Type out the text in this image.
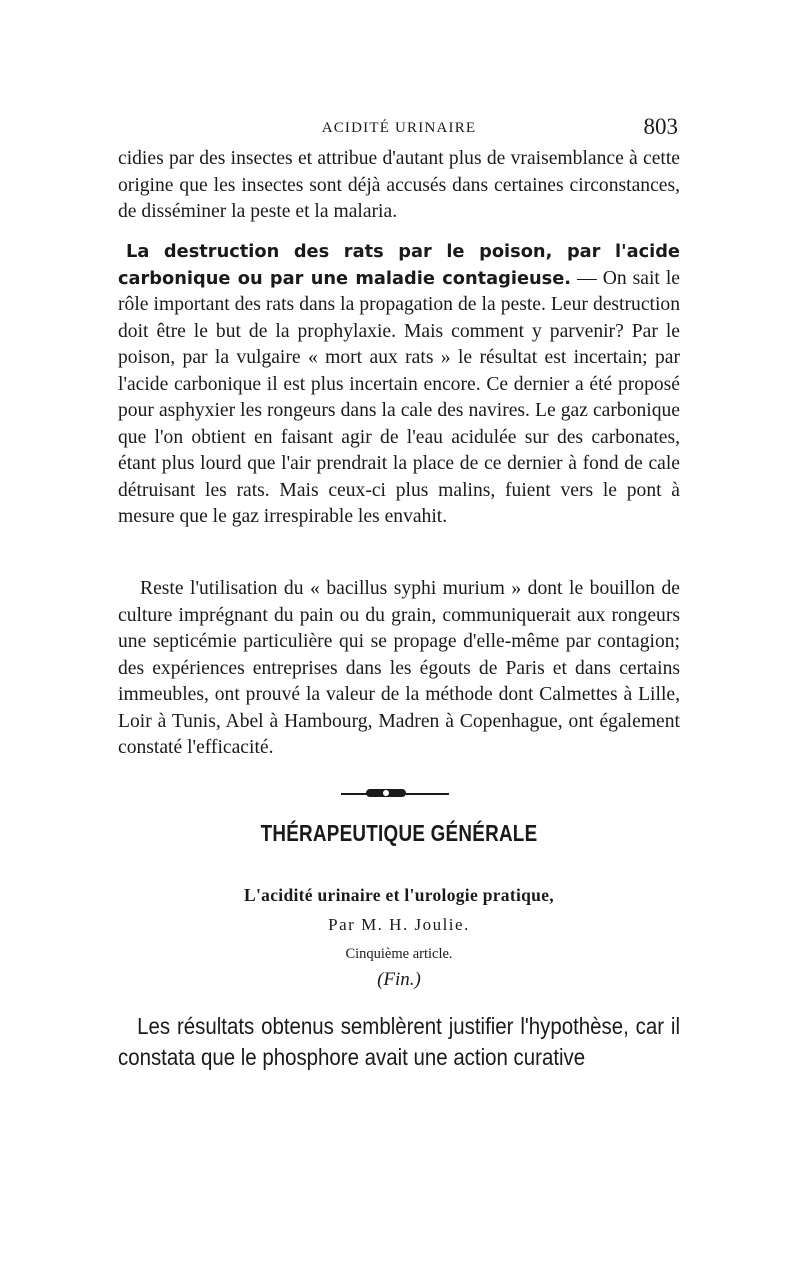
ACIDITÉ URINAIRE	803

cidies par des insectes et attribue d'autant plus de vraisemblance à cette origine que les insectes sont déjà accusés dans certaines circonstances, de disséminer la peste et la malaria.

La destruction des rats par le poison, par l'acide carbonique ou par une maladie contagieuse. — On sait le rôle important des rats dans la propagation de la peste. Leur destruction doit être le but de la prophylaxie. Mais comment y parvenir? Par le poison, par la vulgaire « mort aux rats » le résultat est incertain; par l'acide carbonique il est plus incertain encore. Ce dernier a été proposé pour asphyxier les rongeurs dans la cale des navires. Le gaz carbonique que l'on obtient en faisant agir de l'eau acidulée sur des carbonates, étant plus lourd que l'air prendrait la place de ce dernier à fond de cale détruisant les rats. Mais ceux-ci plus malins, fuient vers le pont à mesure que le gaz irrespirable les envahit.

Reste l'utilisation du « bacillus syphi murium » dont le bouillon de culture imprégnant du pain ou du grain, communiquerait aux rongeurs une septicémie particulière qui se propage d'elle-même par contagion; des expériences entreprises dans les égouts de Paris et dans certains immeubles, ont prouvé la valeur de la méthode dont Calmettes à Lille, Loir à Tunis, Abel à Hambourg, Madren à Copenhague, ont également constaté l'efficacité.

THÉRAPEUTIQUE GÉNÉRALE
L'acidité urinaire et l'urologie pratique,
Par M. H. Joulie.
Cinquième article.
(Fin.)

Les résultats obtenus semblèrent justifier l'hypothèse, car il constata que le phosphore avait une action curative
